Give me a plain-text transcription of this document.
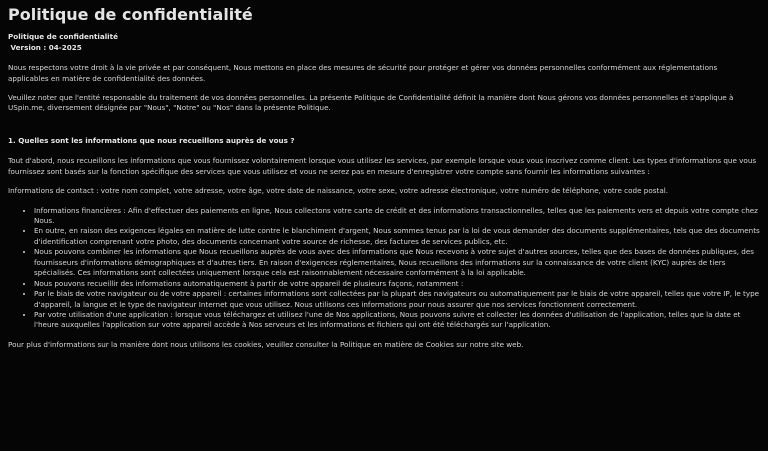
Politique de confidentialité
Politique de confidentialité
Version : 04-2025

Nous respectons votre droit à la vie privée et par conséquent, Nous mettons en place des mesures de sécurité pour protéger et gérer vos données personnelles conformément aux réglementations applicables en matière de confidentialité des données.

Veuillez noter que l'entité responsable du traitement de vos données personnelles. La présente Politique de Confidentialité définit la manière dont Nous gérons vos données personnelles et s'applique à USpin.me, diversement désignée par "Nous", "Notre" ou "Nos" dans la présente Politique.

1. Quelles sont les informations que nous recueillons auprès de vous ?

Tout d'abord, nous recueillons les informations que vous fournissez volontairement lorsque vous utilisez les services, par exemple lorsque vous vous inscrivez comme client. Les types d'informations que vous fournissez sont basés sur la fonction spécifique des services que vous utilisez et vous ne serez pas en mesure d'enregistrer votre compte sans fournir les informations suivantes :

Informations de contact : votre nom complet, votre adresse, votre âge, votre date de naissance, votre sexe, votre adresse électronique, votre numéro de téléphone, votre code postal.

• Informations financières : Afin d'effectuer des paiements en ligne, Nous collectons votre carte de crédit et des informations transactionnelles, telles que les paiements vers et depuis votre compte chez Nous.
• En outre, en raison des exigences légales en matière de lutte contre le blanchiment d'argent, Nous sommes tenus par la loi de vous demander des documents supplémentaires, tels que des documents d'identification comprenant votre photo, des documents concernant votre source de richesse, des factures de services publics, etc.
• Nous pouvons combiner les informations que Nous recueillons auprès de vous avec des informations que Nous recevons à votre sujet d'autres sources, telles que des bases de données publiques, des fournisseurs d'informations démographiques et d'autres tiers. En raison d'exigences réglementaires, Nous recueillons des informations sur la connaissance de votre client (KYC) auprès de tiers spécialisés. Ces informations sont collectées uniquement lorsque cela est raisonnablement nécessaire conformément à la loi applicable.
• Nous pouvons recueillir des informations automatiquement à partir de votre appareil de plusieurs façons, notamment :
• Par le biais de votre navigateur ou de votre appareil : certaines informations sont collectées par la plupart des navigateurs ou automatiquement par le biais de votre appareil, telles que votre IP, le type d'appareil, la langue et le type de navigateur Internet que vous utilisez. Nous utilisons ces informations pour nous assurer que nos services fonctionnent correctement.
• Par votre utilisation d'une application : lorsque vous téléchargez et utilisez l'une de Nos applications, Nous pouvons suivre et collecter les données d'utilisation de l'application, telles que la date et l'heure auxquelles l'application sur votre appareil accède à Nos serveurs et les informations et fichiers qui ont été téléchargés sur l'application.

Pour plus d'informations sur la manière dont nous utilisons les cookies, veuillez consulter la Politique en matière de Cookies sur notre site web.
